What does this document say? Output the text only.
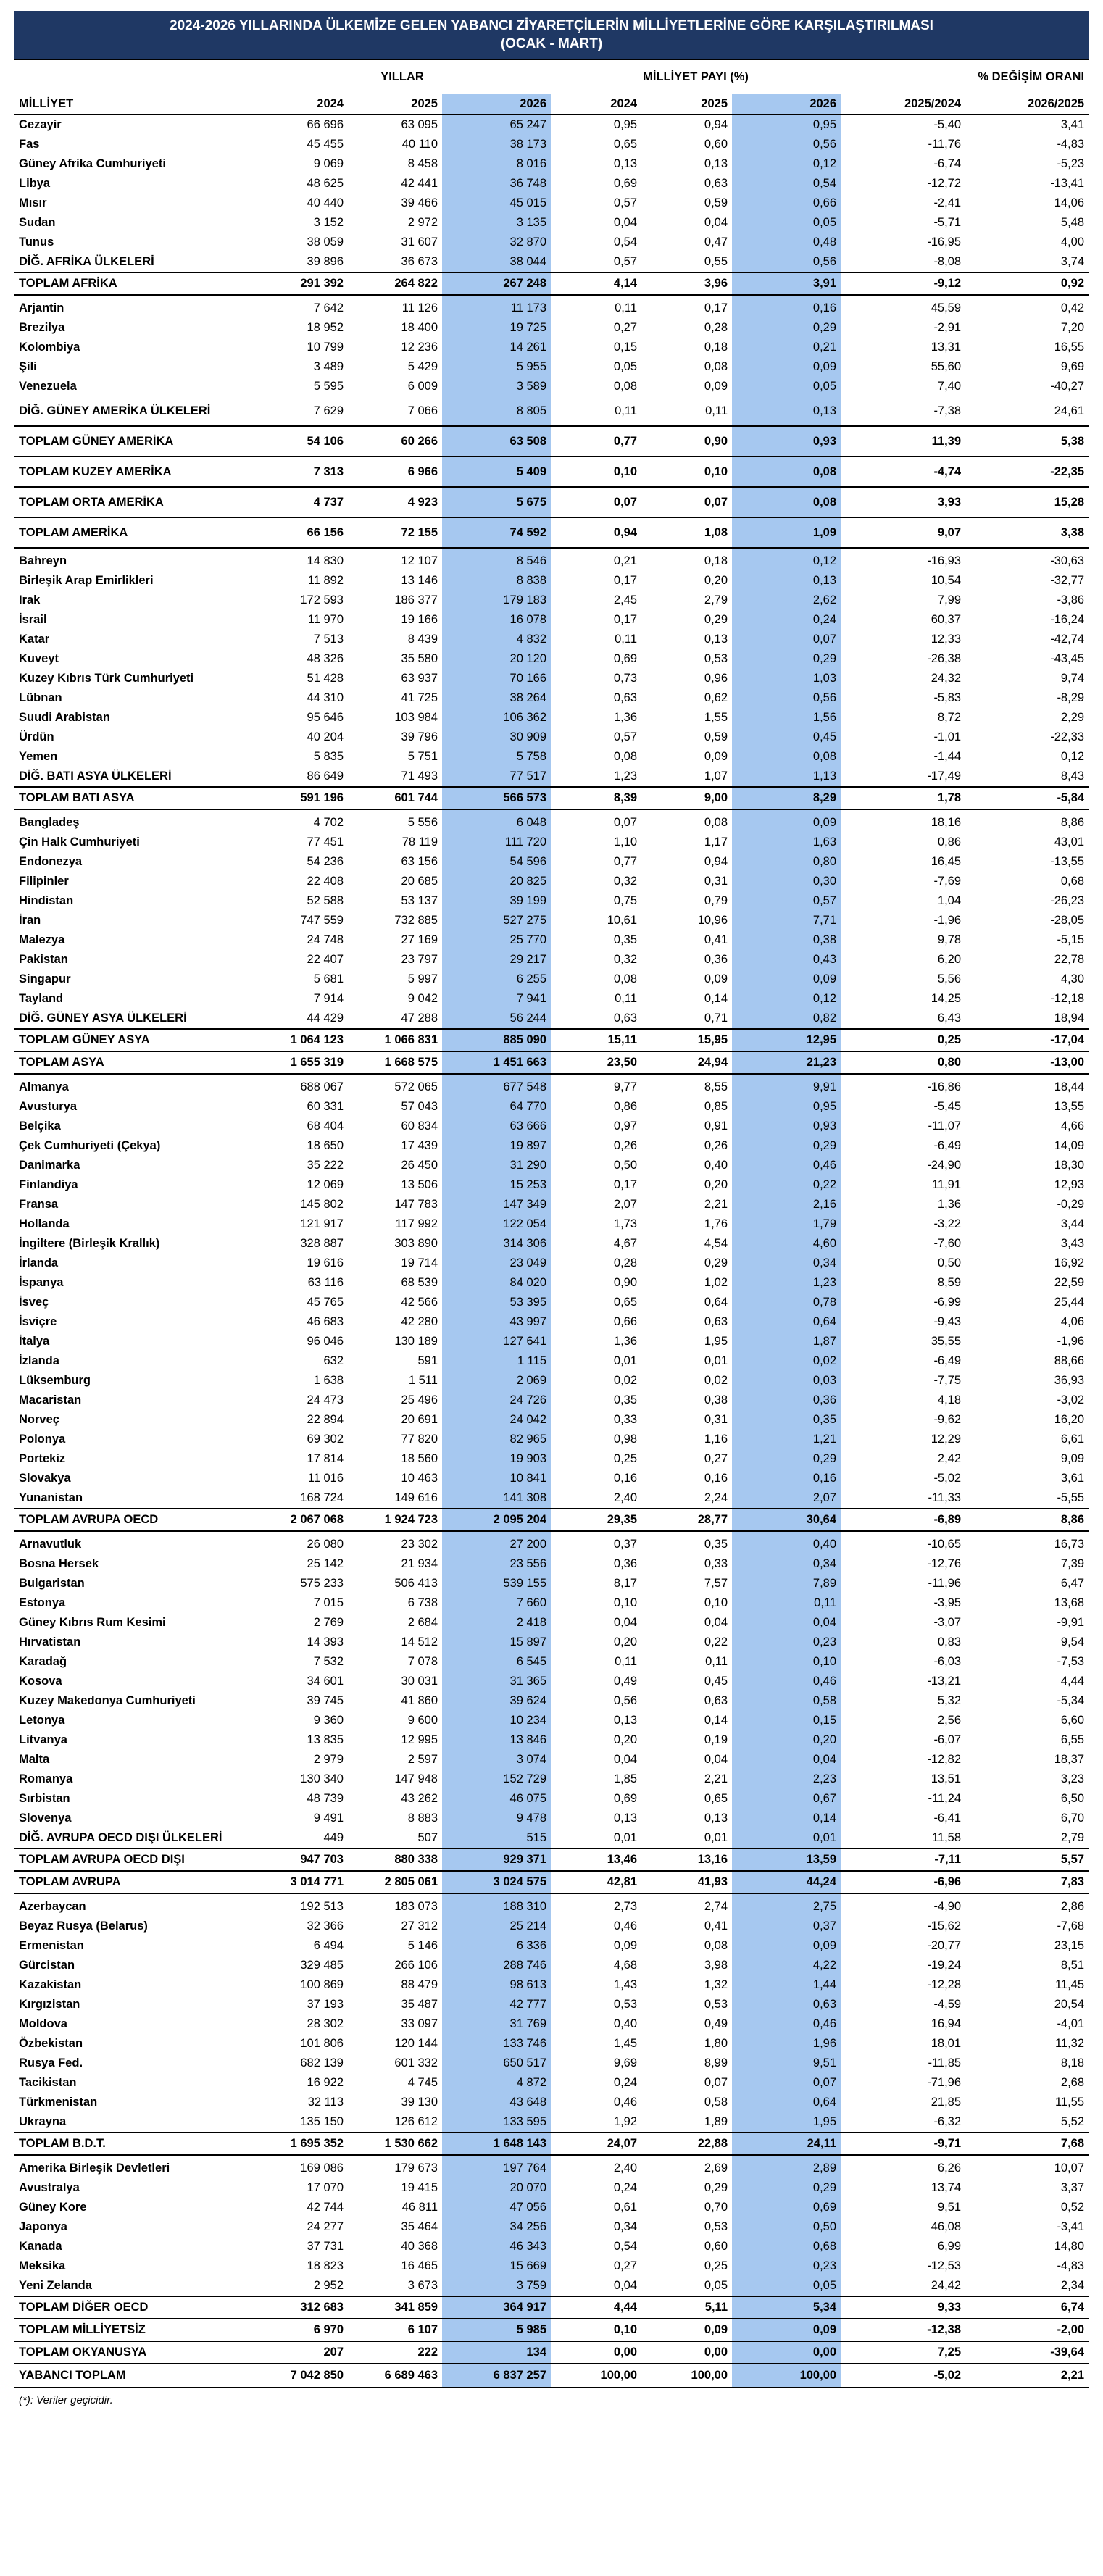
2024-2026 YILLARINDA ÜLKEMİZE GELEN YABANCI ZİYARETÇİLERİN MİLLİYETLERİNE GÖRE KARŞILAŞTIRILMASI
(OCAK - MART)
	YILLAR			MİLLİYET PAYI (%)			% DEĞİŞİM ORANI	
MİLLİYET	2024	2025	2026	2024	2025	2026	2025/2024	2026/2025
Cezayir	66 696	63 095	65 247	0,95	0,94	0,95	-5,40	3,41
Fas	45 455	40 110	38 173	0,65	0,60	0,56	-11,76	-4,83
Güney Afrika Cumhuriyeti	9 069	8 458	8 016	0,13	0,13	0,12	-6,74	-5,23
Libya	48 625	42 441	36 748	0,69	0,63	0,54	-12,72	-13,41
Mısır	40 440	39 466	45 015	0,57	0,59	0,66	-2,41	14,06
Sudan	3 152	2 972	3 135	0,04	0,04	0,05	-5,71	5,48
Tunus	38 059	31 607	32 870	0,54	0,47	0,48	-16,95	4,00
DİĞ. AFRİKA ÜLKELERİ	39 896	36 673	38 044	0,57	0,55	0,56	-8,08	3,74
TOPLAM AFRİKA	291 392	264 822	267 248	4,14	3,96	3,91	-9,12	0,92
Arjantin	7 642	11 126	11 173	0,11	0,17	0,16	45,59	0,42
Brezilya	18 952	18 400	19 725	0,27	0,28	0,29	-2,91	7,20
Kolombiya	10 799	12 236	14 261	0,15	0,18	0,21	13,31	16,55
Şili	3 489	5 429	5 955	0,05	0,08	0,09	55,60	9,69
Venezuela	5 595	6 009	3 589	0,08	0,09	0,05	7,40	-40,27
DİĞ. GÜNEY AMERİKA ÜLKELERİ	7 629	7 066	8 805	0,11	0,11	0,13	-7,38	24,61
TOPLAM GÜNEY AMERİKA	54 106	60 266	63 508	0,77	0,90	0,93	11,39	5,38
TOPLAM KUZEY AMERİKA	7 313	6 966	5 409	0,10	0,10	0,08	-4,74	-22,35
TOPLAM ORTA AMERİKA	4 737	4 923	5 675	0,07	0,07	0,08	3,93	15,28
TOPLAM AMERİKA	66 156	72 155	74 592	0,94	1,08	1,09	9,07	3,38
Bahreyn	14 830	12 107	8 546	0,21	0,18	0,12	-16,93	-30,63
Birleşik Arap Emirlikleri	11 892	13 146	8 838	0,17	0,20	0,13	10,54	-32,77
Irak	172 593	186 377	179 183	2,45	2,79	2,62	7,99	-3,86
İsrail	11 970	19 166	16 078	0,17	0,29	0,24	60,37	-16,24
Katar	7 513	8 439	4 832	0,11	0,13	0,07	12,33	-42,74
Kuveyt	48 326	35 580	20 120	0,69	0,53	0,29	-26,38	-43,45
Kuzey Kıbrıs Türk Cumhuriyeti	51 428	63 937	70 166	0,73	0,96	1,03	24,32	9,74
Lübnan	44 310	41 725	38 264	0,63	0,62	0,56	-5,83	-8,29
Suudi Arabistan	95 646	103 984	106 362	1,36	1,55	1,56	8,72	2,29
Ürdün	40 204	39 796	30 909	0,57	0,59	0,45	-1,01	-22,33
Yemen	5 835	5 751	5 758	0,08	0,09	0,08	-1,44	0,12
DİĞ. BATI ASYA ÜLKELERİ	86 649	71 493	77 517	1,23	1,07	1,13	-17,49	8,43
TOPLAM BATI ASYA	591 196	601 744	566 573	8,39	9,00	8,29	1,78	-5,84
Bangladeş	4 702	5 556	6 048	0,07	0,08	0,09	18,16	8,86
Çin Halk Cumhuriyeti	77 451	78 119	111 720	1,10	1,17	1,63	0,86	43,01
Endonezya	54 236	63 156	54 596	0,77	0,94	0,80	16,45	-13,55
Filipinler	22 408	20 685	20 825	0,32	0,31	0,30	-7,69	0,68
Hindistan	52 588	53 137	39 199	0,75	0,79	0,57	1,04	-26,23
İran	747 559	732 885	527 275	10,61	10,96	7,71	-1,96	-28,05
Malezya	24 748	27 169	25 770	0,35	0,41	0,38	9,78	-5,15
Pakistan	22 407	23 797	29 217	0,32	0,36	0,43	6,20	22,78
Singapur	5 681	5 997	6 255	0,08	0,09	0,09	5,56	4,30
Tayland	7 914	9 042	7 941	0,11	0,14	0,12	14,25	-12,18
DİĞ. GÜNEY ASYA ÜLKELERİ	44 429	47 288	56 244	0,63	0,71	0,82	6,43	18,94
TOPLAM GÜNEY ASYA	1 064 123	1 066 831	885 090	15,11	15,95	12,95	0,25	-17,04
TOPLAM ASYA	1 655 319	1 668 575	1 451 663	23,50	24,94	21,23	0,80	-13,00
Almanya	688 067	572 065	677 548	9,77	8,55	9,91	-16,86	18,44
Avusturya	60 331	57 043	64 770	0,86	0,85	0,95	-5,45	13,55
Belçika	68 404	60 834	63 666	0,97	0,91	0,93	-11,07	4,66
Çek Cumhuriyeti (Çekya)	18 650	17 439	19 897	0,26	0,26	0,29	-6,49	14,09
Danimarka	35 222	26 450	31 290	0,50	0,40	0,46	-24,90	18,30
Finlandiya	12 069	13 506	15 253	0,17	0,20	0,22	11,91	12,93
Fransa	145 802	147 783	147 349	2,07	2,21	2,16	1,36	-0,29
Hollanda	121 917	117 992	122 054	1,73	1,76	1,79	-3,22	3,44
İngiltere (Birleşik Krallık)	328 887	303 890	314 306	4,67	4,54	4,60	-7,60	3,43
İrlanda	19 616	19 714	23 049	0,28	0,29	0,34	0,50	16,92
İspanya	63 116	68 539	84 020	0,90	1,02	1,23	8,59	22,59
İsveç	45 765	42 566	53 395	0,65	0,64	0,78	-6,99	25,44
İsviçre	46 683	42 280	43 997	0,66	0,63	0,64	-9,43	4,06
İtalya	96 046	130 189	127 641	1,36	1,95	1,87	35,55	-1,96
İzlanda	632	591	1 115	0,01	0,01	0,02	-6,49	88,66
Lüksemburg	1 638	1 511	2 069	0,02	0,02	0,03	-7,75	36,93
Macaristan	24 473	25 496	24 726	0,35	0,38	0,36	4,18	-3,02
Norveç	22 894	20 691	24 042	0,33	0,31	0,35	-9,62	16,20
Polonya	69 302	77 820	82 965	0,98	1,16	1,21	12,29	6,61
Portekiz	17 814	18 560	19 903	0,25	0,27	0,29	2,42	9,09
Slovakya	11 016	10 463	10 841	0,16	0,16	0,16	-5,02	3,61
Yunanistan	168 724	149 616	141 308	2,40	2,24	2,07	-11,33	-5,55
TOPLAM AVRUPA OECD	2 067 068	1 924 723	2 095 204	29,35	28,77	30,64	-6,89	8,86
Arnavutluk	26 080	23 302	27 200	0,37	0,35	0,40	-10,65	16,73
Bosna Hersek	25 142	21 934	23 556	0,36	0,33	0,34	-12,76	7,39
Bulgaristan	575 233	506 413	539 155	8,17	7,57	7,89	-11,96	6,47
Estonya	7 015	6 738	7 660	0,10	0,10	0,11	-3,95	13,68
Güney Kıbrıs Rum Kesimi	2 769	2 684	2 418	0,04	0,04	0,04	-3,07	-9,91
Hırvatistan	14 393	14 512	15 897	0,20	0,22	0,23	0,83	9,54
Karadağ	7 532	7 078	6 545	0,11	0,11	0,10	-6,03	-7,53
Kosova	34 601	30 031	31 365	0,49	0,45	0,46	-13,21	4,44
Kuzey Makedonya Cumhuriyeti	39 745	41 860	39 624	0,56	0,63	0,58	5,32	-5,34
Letonya	9 360	9 600	10 234	0,13	0,14	0,15	2,56	6,60
Litvanya	13 835	12 995	13 846	0,20	0,19	0,20	-6,07	6,55
Malta	2 979	2 597	3 074	0,04	0,04	0,04	-12,82	18,37
Romanya	130 340	147 948	152 729	1,85	2,21	2,23	13,51	3,23
Sırbistan	48 739	43 262	46 075	0,69	0,65	0,67	-11,24	6,50
Slovenya	9 491	8 883	9 478	0,13	0,13	0,14	-6,41	6,70
DİĞ. AVRUPA OECD DIŞI ÜLKELERİ	449	507	515	0,01	0,01	0,01	11,58	2,79
TOPLAM AVRUPA OECD DIŞI	947 703	880 338	929 371	13,46	13,16	13,59	-7,11	5,57
TOPLAM AVRUPA	3 014 771	2 805 061	3 024 575	42,81	41,93	44,24	-6,96	7,83
Azerbaycan	192 513	183 073	188 310	2,73	2,74	2,75	-4,90	2,86
Beyaz Rusya (Belarus)	32 366	27 312	25 214	0,46	0,41	0,37	-15,62	-7,68
Ermenistan	6 494	5 146	6 336	0,09	0,08	0,09	-20,77	23,15
Gürcistan	329 485	266 106	288 746	4,68	3,98	4,22	-19,24	8,51
Kazakistan	100 869	88 479	98 613	1,43	1,32	1,44	-12,28	11,45
Kırgızistan	37 193	35 487	42 777	0,53	0,53	0,63	-4,59	20,54
Moldova	28 302	33 097	31 769	0,40	0,49	0,46	16,94	-4,01
Özbekistan	101 806	120 144	133 746	1,45	1,80	1,96	18,01	11,32
Rusya Fed.	682 139	601 332	650 517	9,69	8,99	9,51	-11,85	8,18
Tacikistan	16 922	4 745	4 872	0,24	0,07	0,07	-71,96	2,68
Türkmenistan	32 113	39 130	43 648	0,46	0,58	0,64	21,85	11,55
Ukrayna	135 150	126 612	133 595	1,92	1,89	1,95	-6,32	5,52
TOPLAM B.D.T.	1 695 352	1 530 662	1 648 143	24,07	22,88	24,11	-9,71	7,68
Amerika Birleşik Devletleri	169 086	179 673	197 764	2,40	2,69	2,89	6,26	10,07
Avustralya	17 070	19 415	20 070	0,24	0,29	0,29	13,74	3,37
Güney Kore	42 744	46 811	47 056	0,61	0,70	0,69	9,51	0,52
Japonya	24 277	35 464	34 256	0,34	0,53	0,50	46,08	-3,41
Kanada	37 731	40 368	46 343	0,54	0,60	0,68	6,99	14,80
Meksika	18 823	16 465	15 669	0,27	0,25	0,23	-12,53	-4,83
Yeni Zelanda	2 952	3 673	3 759	0,04	0,05	0,05	24,42	2,34
TOPLAM DİĞER OECD	312 683	341 859	364 917	4,44	5,11	5,34	9,33	6,74
TOPLAM MİLLİYETSİZ	6 970	6 107	5 985	0,10	0,09	0,09	-12,38	-2,00
TOPLAM OKYANUSYA	207	222	134	0,00	0,00	0,00	7,25	-39,64
YABANCI TOPLAM	7 042 850	6 689 463	6 837 257	100,00	100,00	100,00	-5,02	2,21
(*): Veriler geçicidir.
